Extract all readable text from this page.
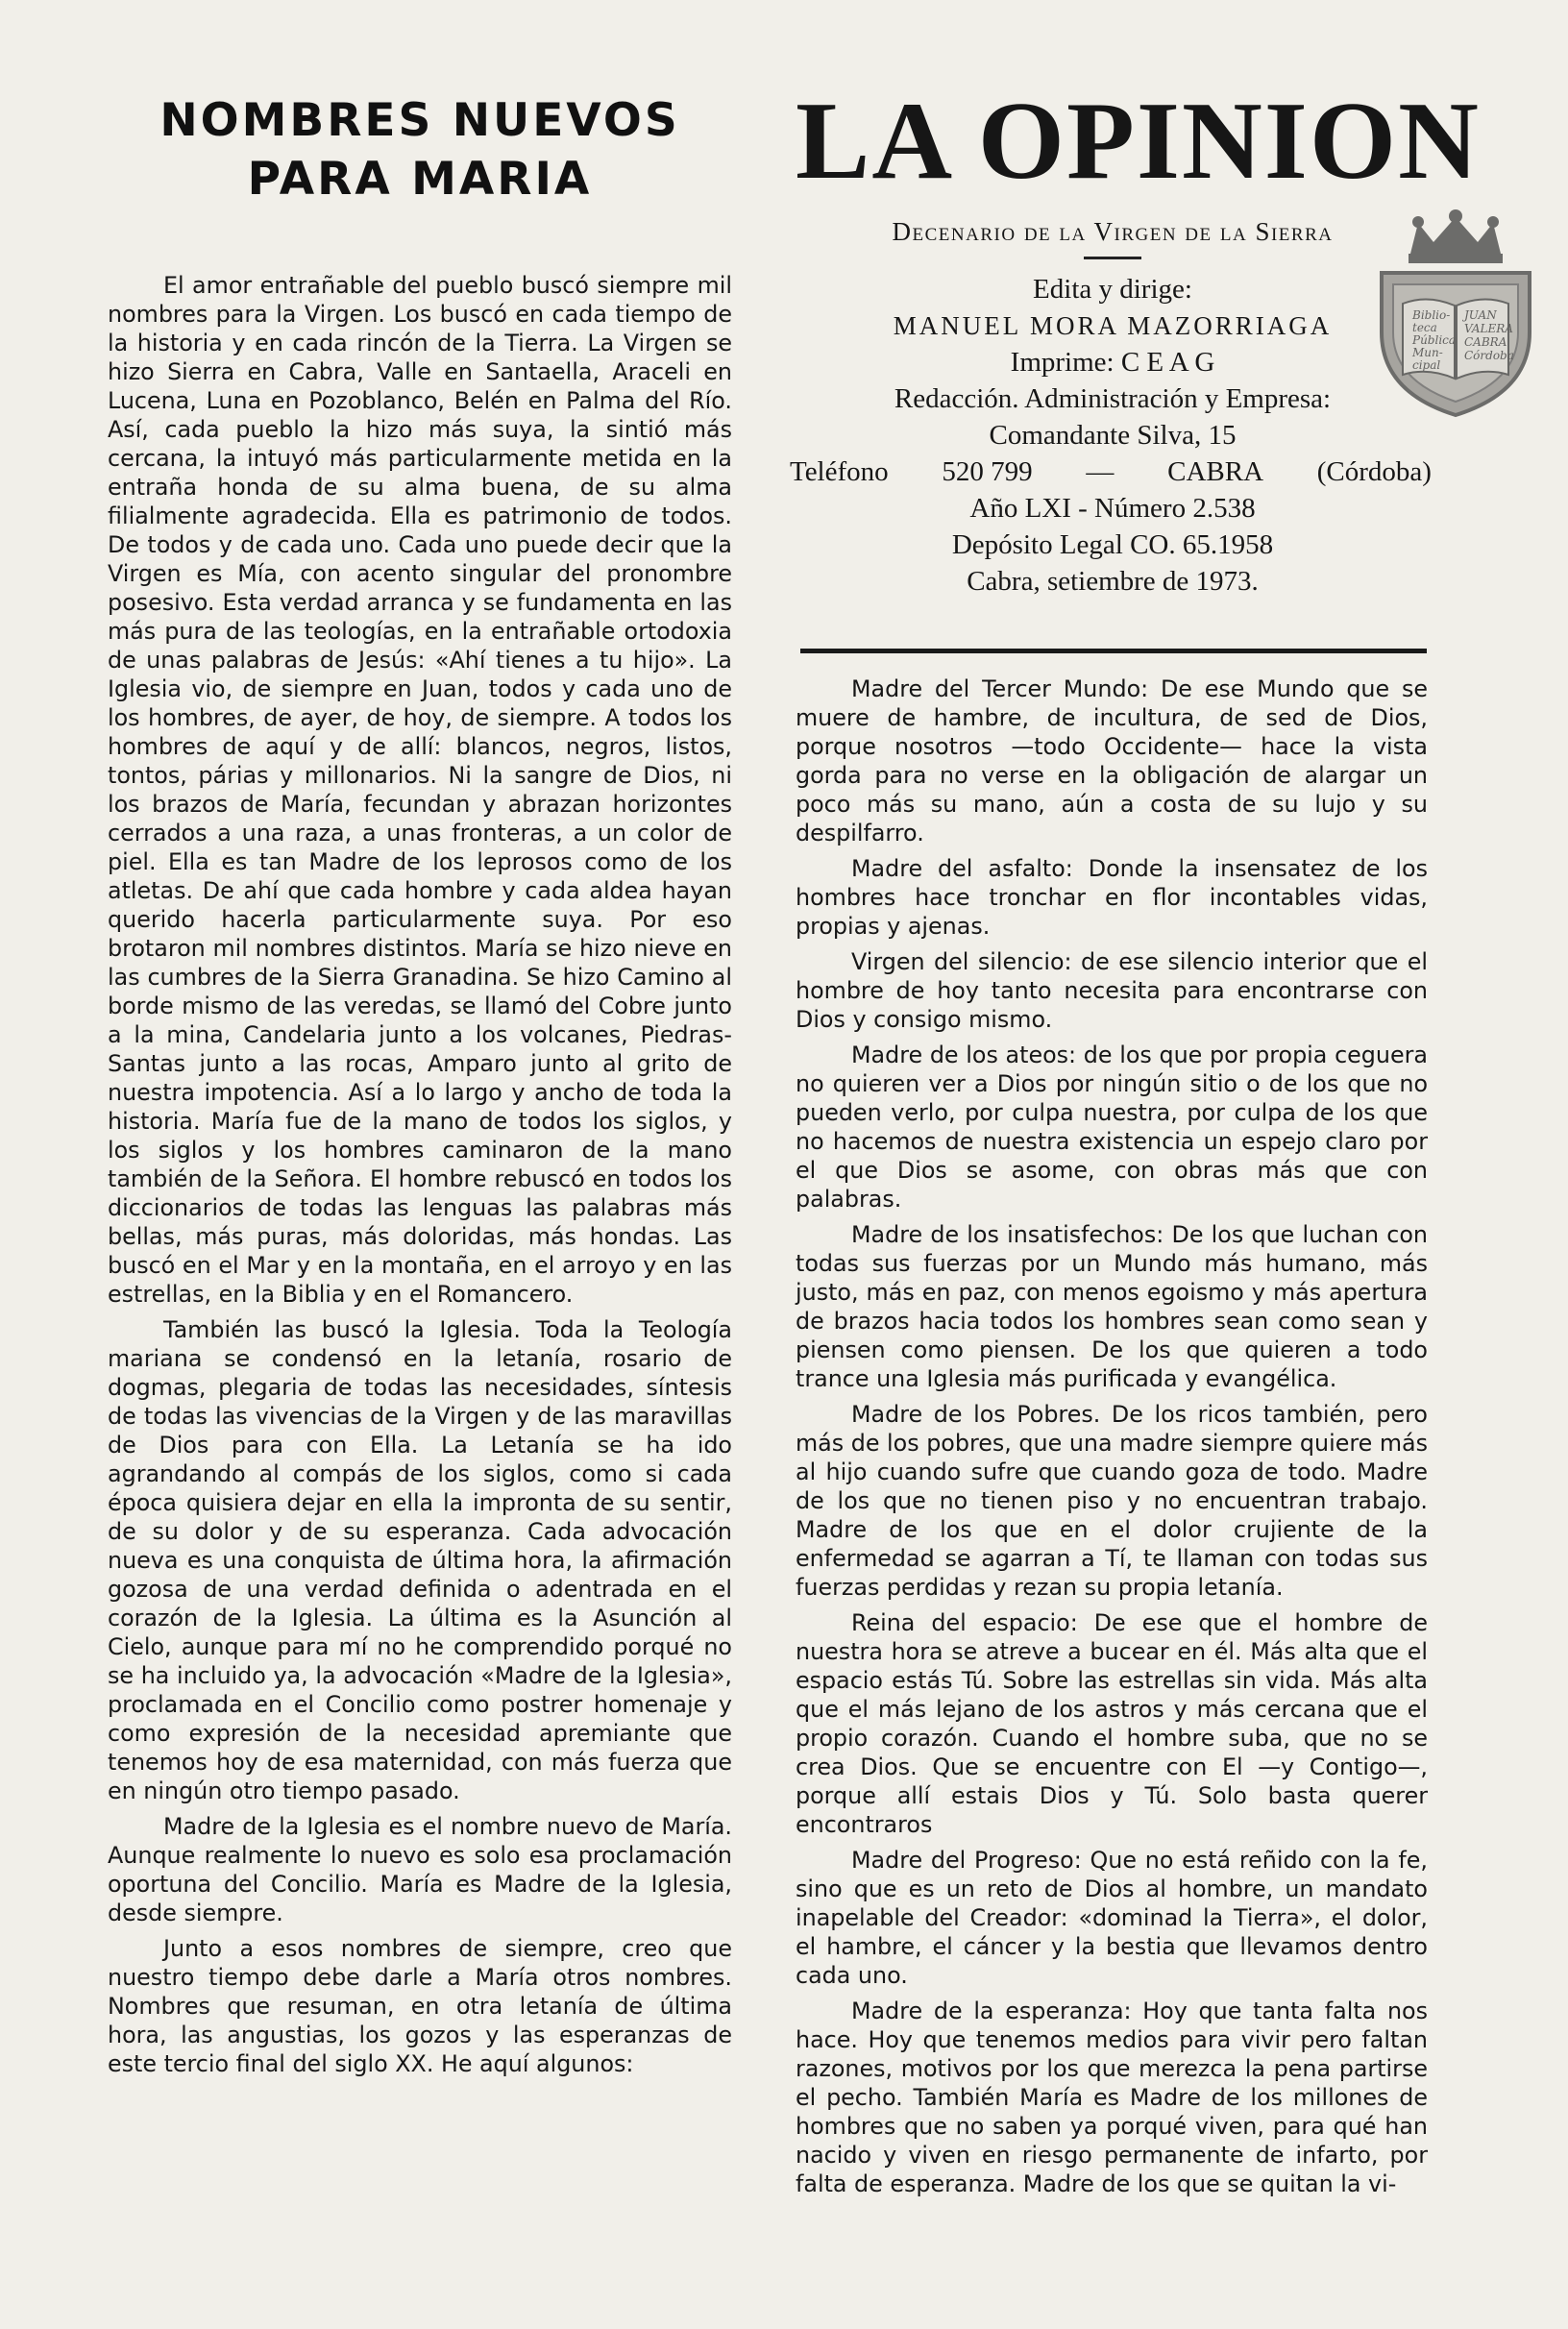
NOMBRES NUEVOS
PARA MARIA

El amor entrañable del pueblo buscó siempre mil nombres para la Virgen. Los buscó en cada tiempo de la historia y en cada rincón de la Tierra. La Virgen se hizo Sierra en Cabra, Valle en Santaella, Araceli en Lucena, Luna en Pozoblanco, Belén en Palma del Río. Así, cada pueblo la hizo más suya, la sintió más cercana, la intuyó más particularmente metida en la entraña honda de su alma buena, de su alma filialmente agradecida. Ella es patrimonio de todos. De todos y de cada uno. Cada uno puede decir que la Virgen es Mía, con acento singular del pronombre posesivo. Esta verdad arranca y se fundamenta en las más pura de las teologías, en la entrañable ortodoxia de unas palabras de Jesús: «Ahí tienes a tu hijo». La Iglesia vio, de siempre en Juan, todos y cada uno de los hombres, de ayer, de hoy, de siempre. A todos los hombres de aquí y de allí: blancos, negros, listos, tontos, párias y millonarios. Ni la sangre de Dios, ni los brazos de María, fecundan y abrazan horizontes cerrados a una raza, a unas fronteras, a un color de piel. Ella es tan Madre de los leprosos como de los atletas. De ahí que cada hombre y cada aldea hayan querido hacerla particularmente suya. Por eso brotaron mil nombres distintos. María se hizo nieve en las cumbres de la Sierra Granadina. Se hizo Camino al borde mismo de las veredas, se llamó del Cobre junto a la mina, Candelaria junto a los volcanes, Piedras-Santas junto a las rocas, Amparo junto al grito de nuestra impotencia. Así a lo largo y ancho de toda la historia. María fue de la mano de todos los siglos, y los siglos y los hombres caminaron de la mano también de la Señora. El hombre rebuscó en todos los diccionarios de todas las lenguas las palabras más bellas, más puras, más doloridas, más hondas. Las buscó en el Mar y en la montaña, en el arroyo y en las estrellas, en la Biblia y en el Romancero.

También las buscó la Iglesia. Toda la Teología mariana se condensó en la letanía, rosario de dogmas, plegaria de todas las necesidades, síntesis de todas las vivencias de la Virgen y de las maravillas de Dios para con Ella. La Letanía se ha ido agrandando al compás de los siglos, como si cada época quisiera dejar en ella la impronta de su sentir, de su dolor y de su esperanza. Cada advocación nueva es una conquista de última hora, la afirmación gozosa de una verdad definida o adentrada en el corazón de la Iglesia. La última es la Asunción al Cielo, aunque para mí no he comprendido porqué no se ha incluido ya, la advocación «Madre de la Iglesia», proclamada en el Concilio como postrer homenaje y como expresión de la necesidad apremiante que tenemos hoy de esa maternidad, con más fuerza que en ningún otro tiempo pasado.

Madre de la Iglesia es el nombre nuevo de María. Aunque realmente lo nuevo es solo esa proclamación oportuna del Concilio. María es Madre de la Iglesia, desde siempre.

Junto a esos nombres de siempre, creo que nuestro tiempo debe darle a María otros nombres. Nombres que resuman, en otra letanía de última hora, las angustias, los gozos y las esperanzas de este tercio final del siglo XX. He aquí algunos:

LA OPINION
Decenario de la Virgen de la Sierra
Edita y dirige:
MANUEL MORA MAZORRIAGA
Imprime: C E A G
Redacción. Administración y Empresa:
Comandante Silva, 15
Teléfono 520 799 — CABRA (Córdoba)
Año LXI - Número 2.538
Depósito Legal CO. 65.1958
Cabra, setiembre de 1973.
Biblio- teca Pública Mun- cipal
JUAN VALERA CABRA Córdoba

Madre del Tercer Mundo: De ese Mundo que se muere de hambre, de incultura, de sed de Dios, porque nosotros —todo Occidente— hace la vista gorda para no verse en la obligación de alargar un poco más su mano, aún a costa de su lujo y su despilfarro.

Madre del asfalto: Donde la insensatez de los hombres hace tronchar en flor incontables vidas, propias y ajenas.

Virgen del silencio: de ese silencio interior que el hombre de hoy tanto necesita para encontrarse con Dios y consigo mismo.

Madre de los ateos: de los que por propia ceguera no quieren ver a Dios por ningún sitio o de los que no pueden verlo, por culpa nuestra, por culpa de los que no hacemos de nuestra existencia un espejo claro por el que Dios se asome, con obras más que con palabras.

Madre de los insatisfechos: De los que luchan con todas sus fuerzas por un Mundo más humano, más justo, más en paz, con menos egoismo y más apertura de brazos hacia todos los hombres sean como sean y piensen como piensen. De los que quieren a todo trance una Iglesia más purificada y evangélica.

Madre de los Pobres. De los ricos también, pero más de los pobres, que una madre siempre quiere más al hijo cuando sufre que cuando goza de todo. Madre de los que no tienen piso y no encuentran trabajo. Madre de los que en el dolor crujiente de la enfermedad se agarran a Tí, te llaman con todas sus fuerzas perdidas y rezan su propia letanía.

Reina del espacio: De ese que el hombre de nuestra hora se atreve a bucear en él. Más alta que el espacio estás Tú. Sobre las estrellas sin vida. Más alta que el más lejano de los astros y más cercana que el propio corazón. Cuando el hombre suba, que no se crea Dios. Que se encuentre con El —y Contigo—, porque allí estais Dios y Tú. Solo basta querer encontraros

Madre del Progreso: Que no está reñido con la fe, sino que es un reto de Dios al hombre, un mandato inapelable del Creador: «dominad la Tierra», el dolor, el hambre, el cáncer y la bestia que llevamos dentro cada uno.

Madre de la esperanza: Hoy que tanta falta nos hace. Hoy que tenemos medios para vivir pero faltan razones, motivos por los que merezca la pena partirse el pecho. También María es Madre de los millones de hombres que no saben ya porqué viven, para qué han nacido y viven en riesgo permanente de infarto, por falta de esperanza. Madre de los que se quitan la vi-
